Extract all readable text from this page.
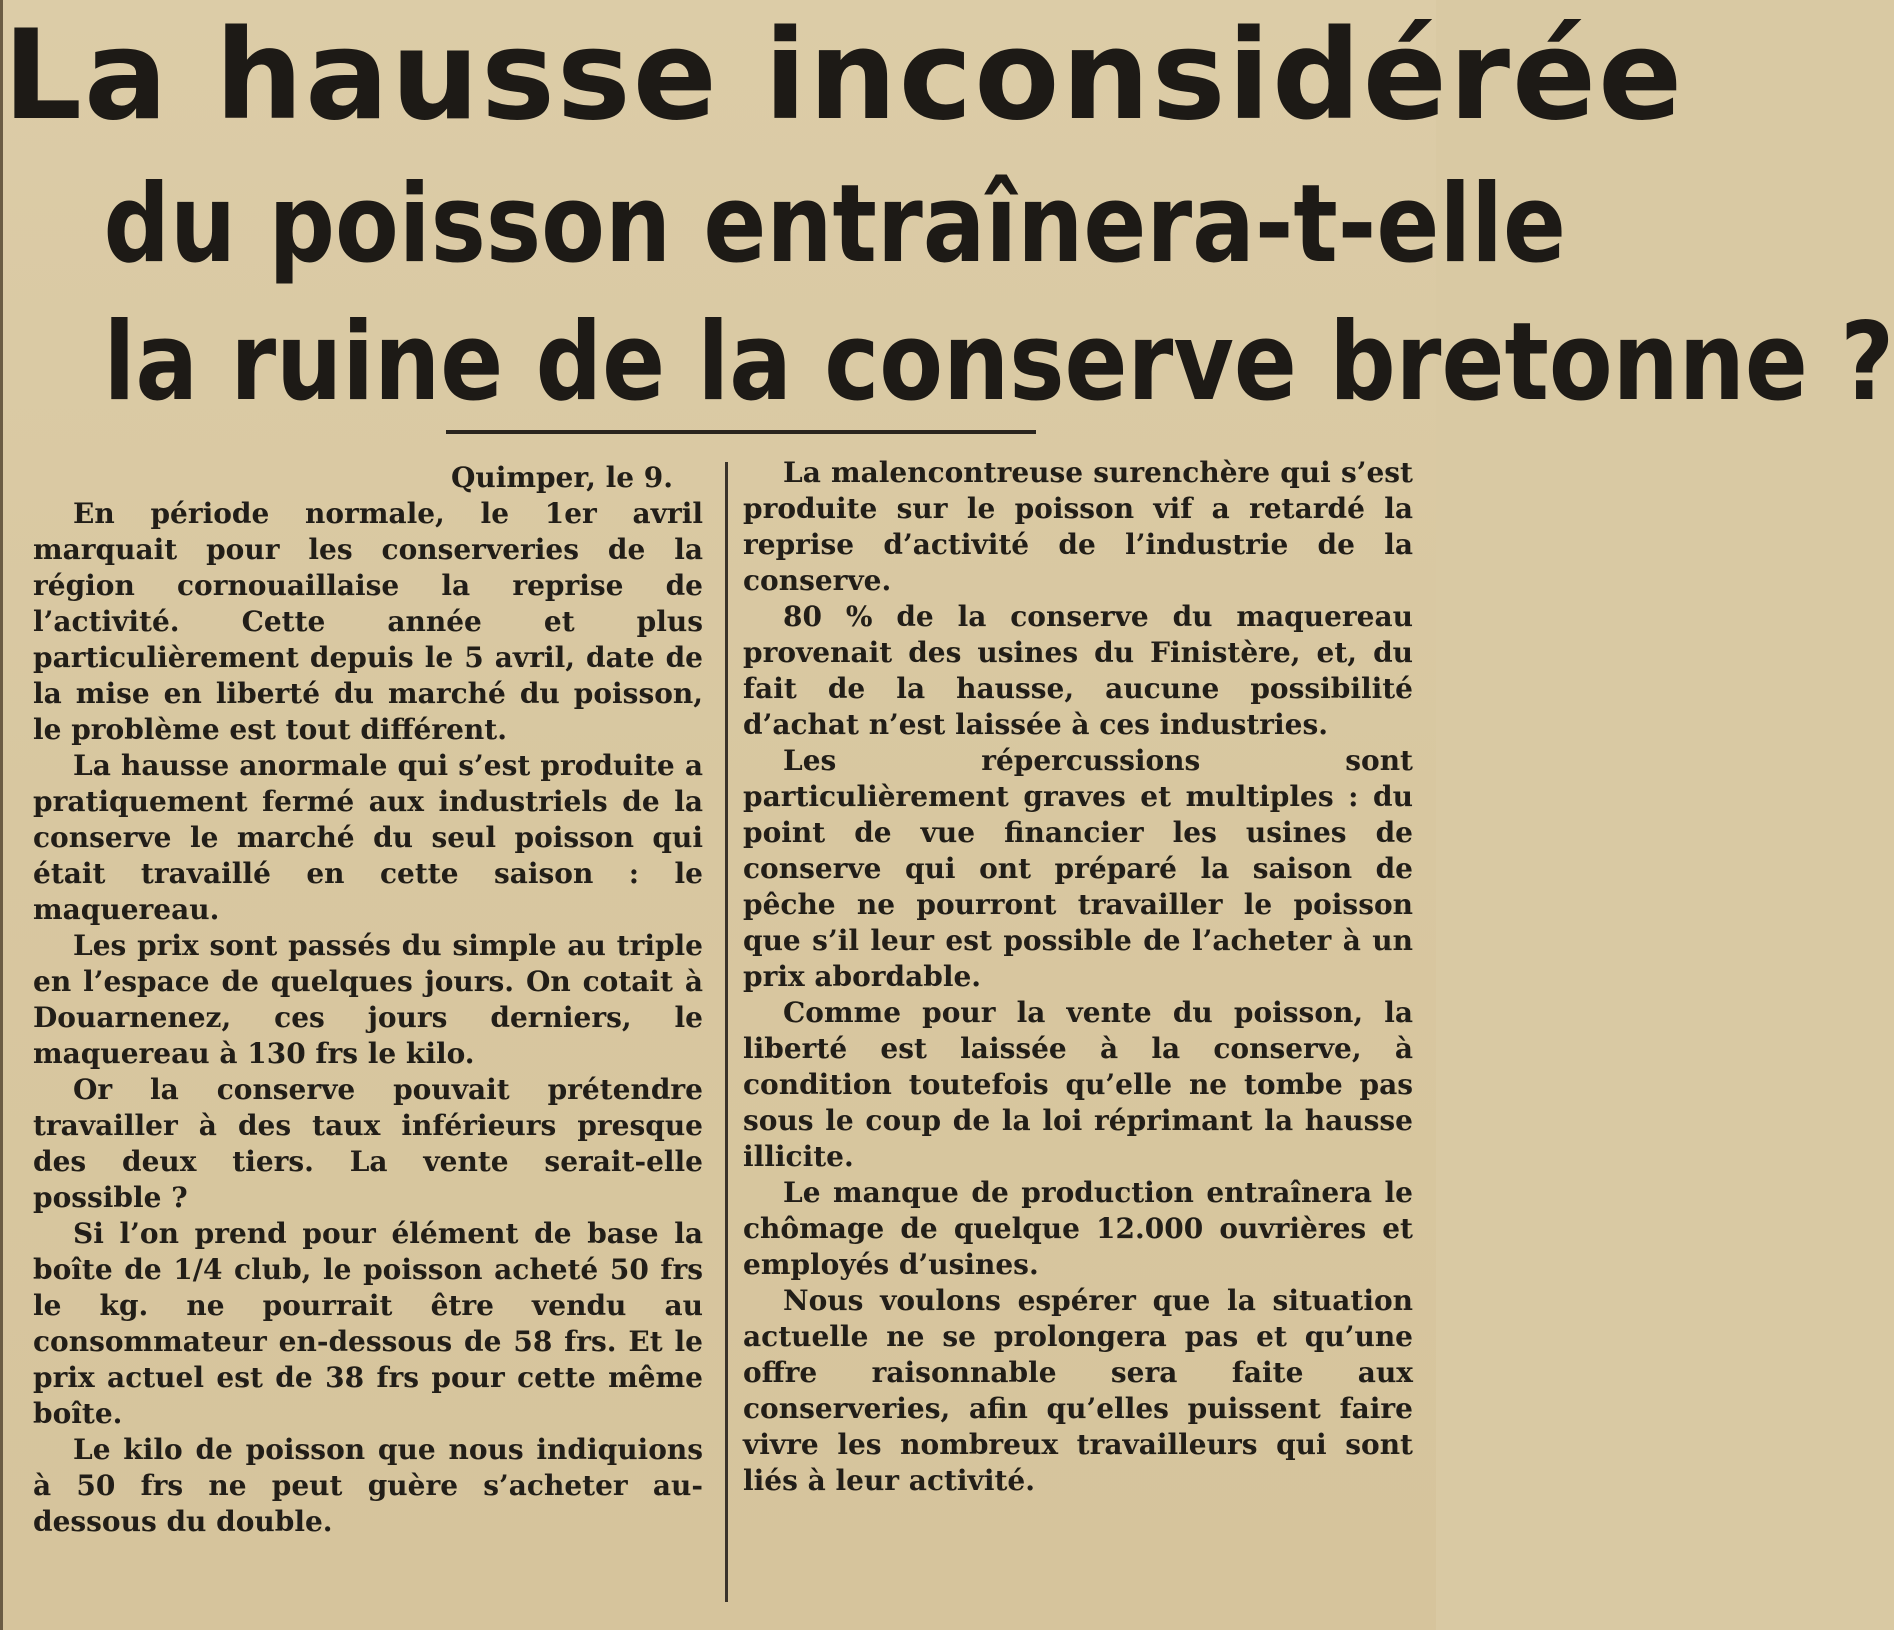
La hausse inconsidérée
du poisson entraînera-t-elle
la ruine de la conserve bretonne ?

Quimper, le 9.

En période normale, le 1er avril marquait pour les conserveries de la région cornouaillaise la reprise de l’activité. Cette année et plus particulièrement depuis le 5 avril, date de la mise en liberté du marché du poisson, le problème est tout différent.

La hausse anormale qui s’est produite a pratiquement fermé aux industriels de la conserve le marché du seul poisson qui était travaillé en cette saison : le maquereau.

Les prix sont passés du simple au triple en l’espace de quelques jours. On cotait à Douarnenez, ces jours derniers, le maquereau à 130 frs le kilo.

Or la conserve pouvait prétendre travailler à des taux inférieurs presque des deux tiers. La vente serait-elle possible ?

Si l’on prend pour élément de base la boîte de 1/4 club, le poisson acheté 50 frs le kg. ne pourrait être vendu au consommateur en-dessous de 58 frs. Et le prix actuel est de 38 frs pour cette même boîte.

Le kilo de poisson que nous indiquions à 50 frs ne peut guère s’acheter au-dessous du double.

La malencontreuse surenchère qui s’est produite sur le poisson vif a retardé la reprise d’activité de l’industrie de la conserve.

80 % de la conserve du maquereau provenait des usines du Finistère, et, du fait de la hausse, aucune possibilité d’achat n’est laissée à ces industries.

Les répercussions sont particulièrement graves et multiples : du point de vue financier les usines de conserve qui ont préparé la saison de pêche ne pourront travailler le poisson que s’il leur est possible de l’acheter à un prix abordable.

Comme pour la vente du poisson, la liberté est laissée à la conserve, à condition toutefois qu’elle ne tombe pas sous le coup de la loi réprimant la hausse illicite.

Le manque de production entraînera le chômage de quelque 12.000 ouvrières et employés d’usines.

Nous voulons espérer que la situation actuelle ne se prolongera pas et qu’une offre raisonnable sera faite aux conserveries, afin qu’elles puissent faire vivre les nombreux travailleurs qui sont liés à leur activité.
